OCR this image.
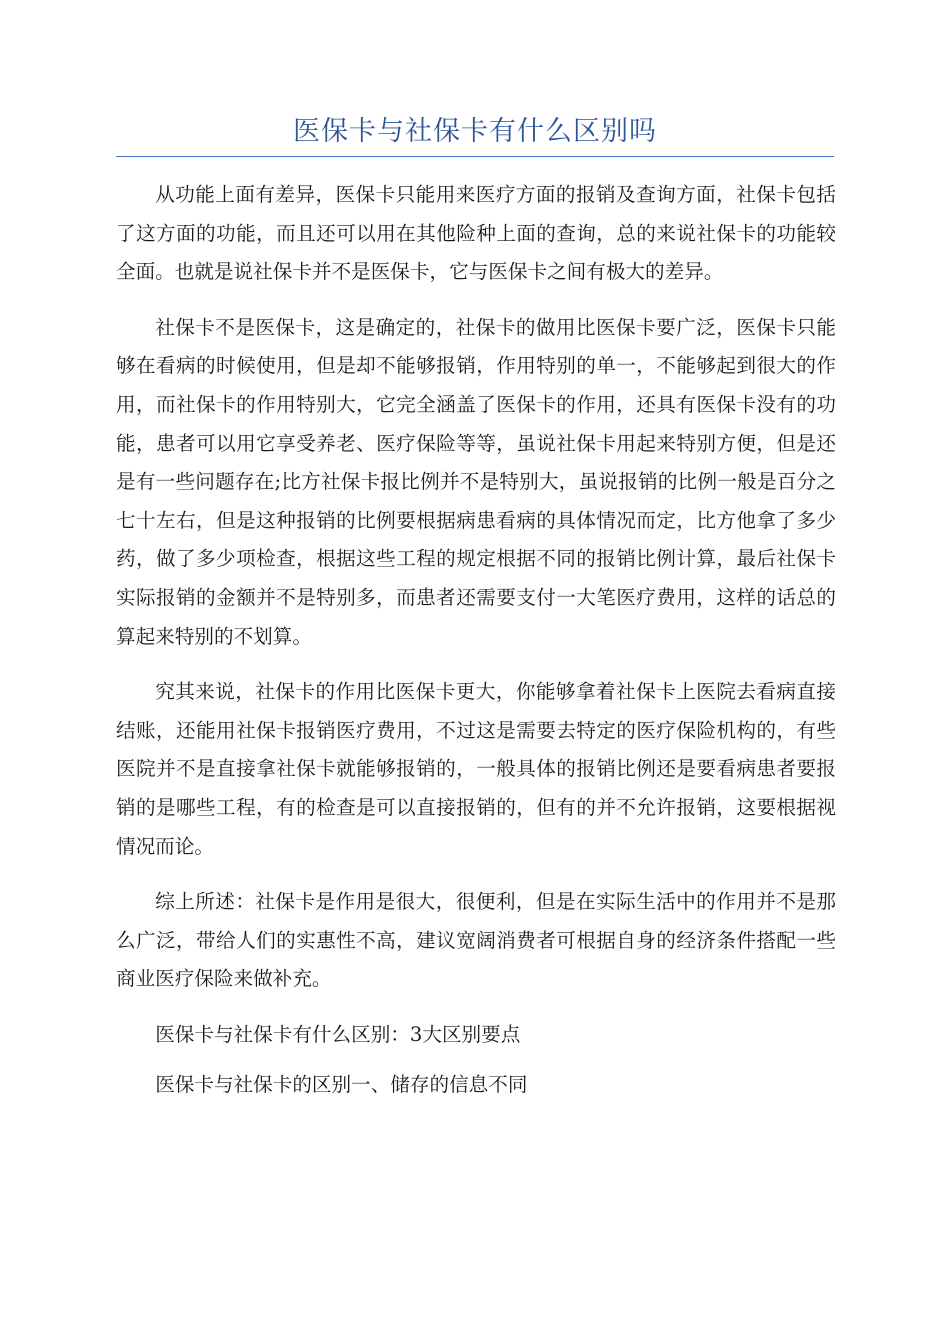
医保卡与社保卡有什么区别吗

从功能上面有差异，医保卡只能用来医疗方面的报销及查询方面，社保卡包括了这方面的功能，而且还可以用在其他险种上面的查询，总的来说社保卡的功能较全面。也就是说社保卡并不是医保卡，它与医保卡之间有极大的差异。

社保卡不是医保卡，这是确定的，社保卡的做用比医保卡要广泛，医保卡只能够在看病的时候使用，但是却不能够报销，作用特别的单一，不能够起到很大的作用，而社保卡的作用特别大，它完全涵盖了医保卡的作用，还具有医保卡没有的功能，患者可以用它享受养老、医疗保险等等，虽说社保卡用起来特别方便，但是还是有一些问题存在;比方社保卡报比例并不是特别大，虽说报销的比例一般是百分之七十左右，但是这种报销的比例要根据病患看病的具体情况而定，比方他拿了多少药，做了多少项检查，根据这些工程的规定根据不同的报销比例计算，最后社保卡实际报销的金额并不是特别多，而患者还需要支付一大笔医疗费用，这样的话总的算起来特别的不划算。

究其来说，社保卡的作用比医保卡更大，你能够拿着社保卡上医院去看病直接结账，还能用社保卡报销医疗费用，不过这是需要去特定的医疗保险机构的，有些医院并不是直接拿社保卡就能够报销的，一般具体的报销比例还是要看病患者要报销的是哪些工程，有的检查是可以直接报销的，但有的并不允许报销，这要根据视情况而论。

综上所述：社保卡是作用是很大，很便利，但是在实际生活中的作用并不是那么广泛，带给人们的实惠性不高，建议宽阔消费者可根据自身的经济条件搭配一些商业医疗保险来做补充。

医保卡与社保卡有什么区别：3大区别要点

医保卡与社保卡的区别一、储存的信息不同
